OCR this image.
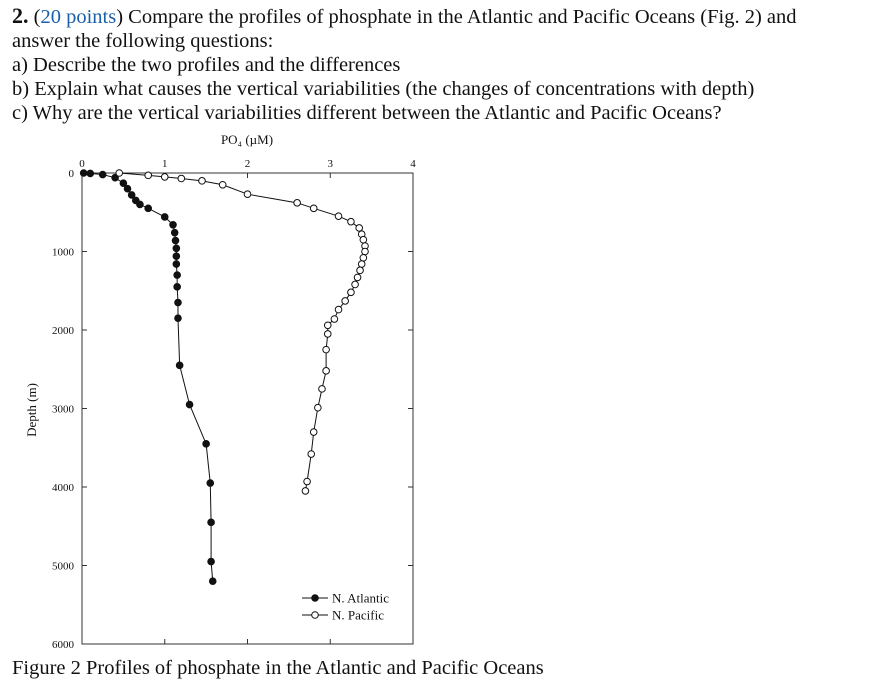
2. (20 points) Compare the profiles of phosphate in the Atlantic and Pacific Oceans (Fig. 2) and
answer the following questions:
a) Describe the two profiles and the differences
b) Explain what causes the vertical variabilities (the changes of concentrations with depth)
c) Why are the vertical variabilities different between the Atlantic and Pacific Oceans?
0	1	2	3	4
0
1000
2000
3000
4000
5000
6000
N. Atlantic
N. Pacific
PO₄ (µM)
Depth (m)
Figure 2 Profiles of phosphate in the Atlantic and Pacific Oceans
